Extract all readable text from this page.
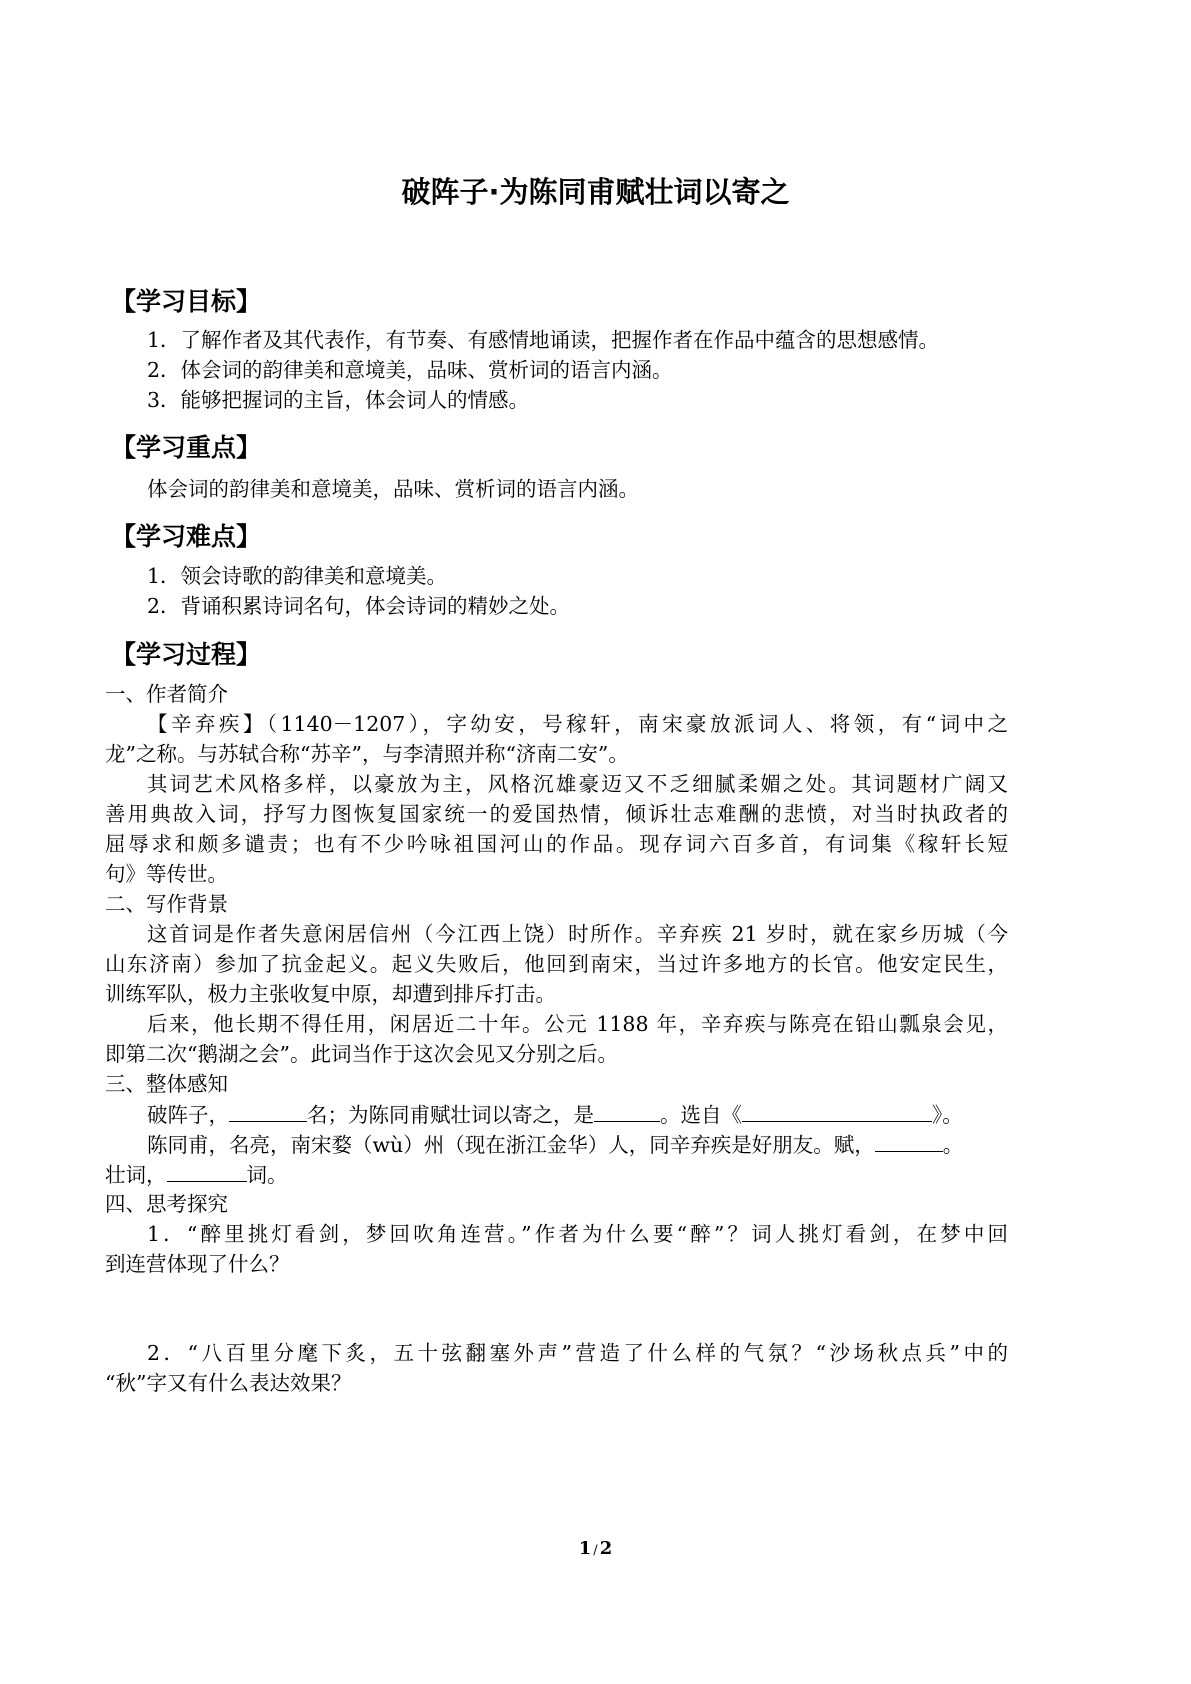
破阵子·为陈同甫赋壮词以寄之
【学习目标】
1．了解作者及其代表作，有节奏、有感情地诵读，把握作者在作品中蕴含的思想感情。
2．体会词的韵律美和意境美，品味、赏析词的语言内涵。
3．能够把握词的主旨，体会词人的情感。
【学习重点】
体会词的韵律美和意境美，品味、赏析词的语言内涵。
【学习难点】
1．领会诗歌的韵律美和意境美。
2．背诵积累诗词名句，体会诗词的精妙之处。
【学习过程】
一、作者简介
【辛弃疾】（1140－1207），字幼安，号稼轩，南宋豪放派词人、将领，有“词中之
龙”之称。与苏轼合称“苏辛”，与李清照并称“济南二安”。
其词艺术风格多样，以豪放为主，风格沉雄豪迈又不乏细腻柔媚之处。其词题材广阔又
善用典故入词，抒写力图恢复国家统一的爱国热情，倾诉壮志难酬的悲愤，对当时执政者的
屈辱求和颇多谴责；也有不少吟咏祖国河山的作品。现存词六百多首，有词集《稼轩长短
句》等传世。
二、写作背景
这首词是作者失意闲居信州（今江西上饶）时所作。辛弃疾 21 岁时，就在家乡历城（今
山东济南）参加了抗金起义。起义失败后，他回到南宋，当过许多地方的长官。他安定民生，
训练军队，极力主张收复中原，却遭到排斥打击。
后来，他长期不得任用，闲居近二十年。公元 1188 年，辛弃疾与陈亮在铅山瓢泉会见，
即第二次“鹅湖之会”。此词当作于这次会见又分别之后。
三、整体感知
破阵子，	名；为陈同甫赋壮词以寄之，是	。选自《	》。
陈同甫，名亮，南宋婺（wù）州（现在浙江金华）人，同辛弃疾是好朋友。赋，	。
壮词，	词。
四、思考探究
1．“醉里挑灯看剑，梦回吹角连营。”作者为什么要“醉”？词人挑灯看剑，在梦中回
到连营体现了什么？
2．“八百里分麾下炙，五十弦翻塞外声”营造了什么样的气氛？“沙场秋点兵”中的
“秋”字又有什么表达效果？
1 / 2
